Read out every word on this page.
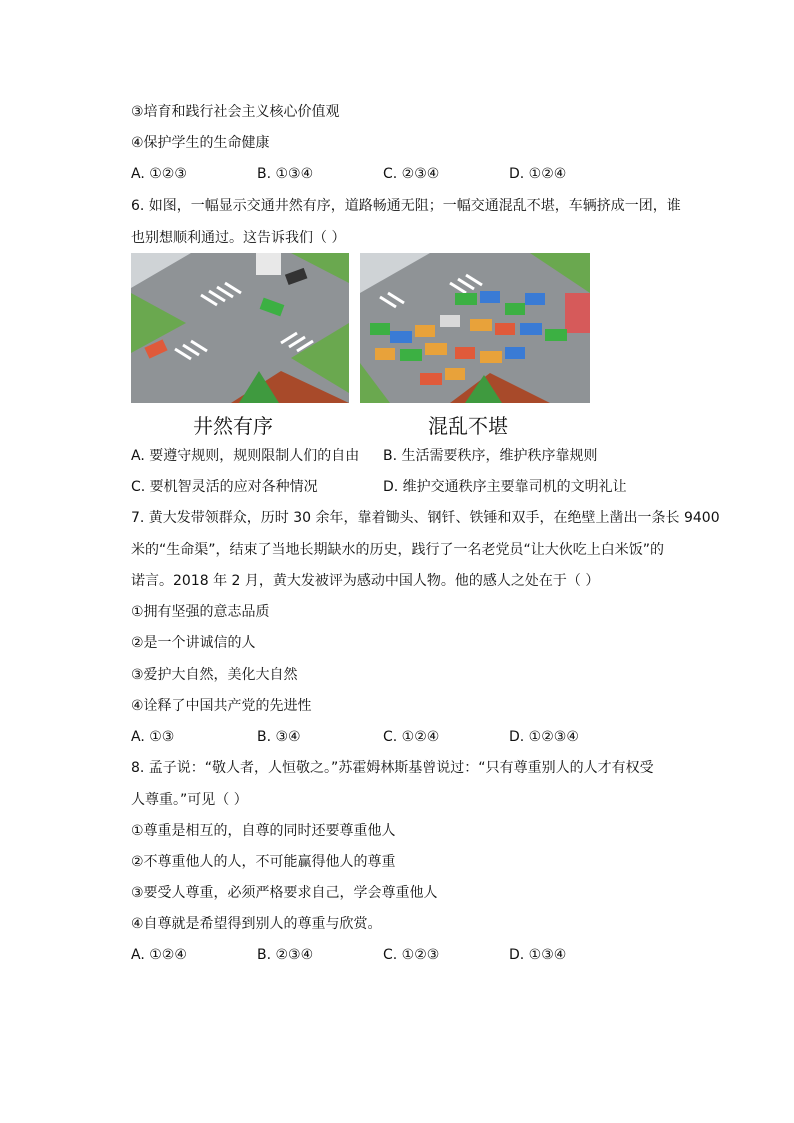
③培育和践行社会主义核心价值观
④保护学生的生命健康
A. ①②③	B. ①③④	C. ②③④	D. ①②④
6. 如图，一幅显示交通井然有序，道路畅通无阻；一幅交通混乱不堪，车辆挤成一团，谁
也别想顺利通过。这告诉我们（ ）
井然有序	混乱不堪
A. 要遵守规则，规则限制人们的自由 B. 生活需要秩序，维护秩序靠规则
C. 要机智灵活的应对各种情况	D. 维护交通秩序主要靠司机的文明礼让
7. 黄大发带领群众，历时 30 余年，靠着锄头、钢钎、铁锤和双手，在绝壁上凿出一条长 9400
米的“生命渠”，结束了当地长期缺水的历史，践行了一名老党员“让大伙吃上白米饭”的
诺言。2018 年 2 月，黄大发被评为感动中国人物。他的感人之处在于（ ）
①拥有坚强的意志品质
②是一个讲诚信的人
③爱护大自然，美化大自然
④诠释了中国共产党的先进性
A. ①③	B. ③④	C. ①②④	D. ①②③④
8. 孟子说：“敬人者，人恒敬之。”苏霍姆林斯基曾说过：“只有尊重别人的人才有权受
人尊重。”可见（ ）
①尊重是相互的，自尊的同时还要尊重他人
②不尊重他人的人，不可能赢得他人的尊重
③要受人尊重，必须严格要求自己，学会尊重他人
④自尊就是希望得到别人的尊重与欣赏。
A. ①②④	B. ②③④	C. ①②③	D. ①③④
